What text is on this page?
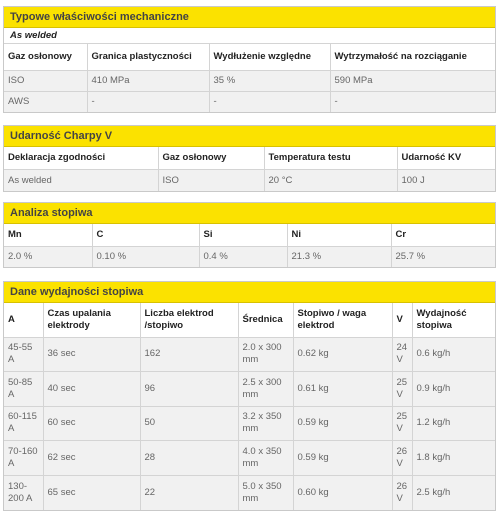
Typowe właściwości mechaniczne
As welded
Gaz osłonowy	Granica plastyczności	Wydłużenie względne	Wytrzymałość na rozciąganie
ISO	410 MPa	35 %	590 MPa
AWS	-	-	-
Udarność Charpy V
Deklaracja zgodności	Gaz osłonowy	Temperatura testu	Udarność KV
As welded	ISO	20 °C	100 J
Analiza stopiwa
Mn	C	Si	Ni	Cr
2.0 %	0.10 %	0.4 %	21.3 %	25.7 %
Dane wydajności stopiwa
A	Czas upalania elektrody	Liczba elektrod /stopiwo	Średnica	Stopiwo / waga elektrod	V	Wydajność stopiwa
45-55 A	36 sec	162	2.0 x 300 mm	0.62 kg	24 V	0.6 kg/h
50-85 A	40 sec	96	2.5 x 300 mm	0.61 kg	25 V	0.9 kg/h
60-115 A	60 sec	50	3.2 x 350 mm	0.59 kg	25 V	1.2 kg/h
70-160 A	62 sec	28	4.0 x 350 mm	0.59 kg	26 V	1.8 kg/h
130-200 A	65 sec	22	5.0 x 350 mm	0.60 kg	26 V	2.5 kg/h
